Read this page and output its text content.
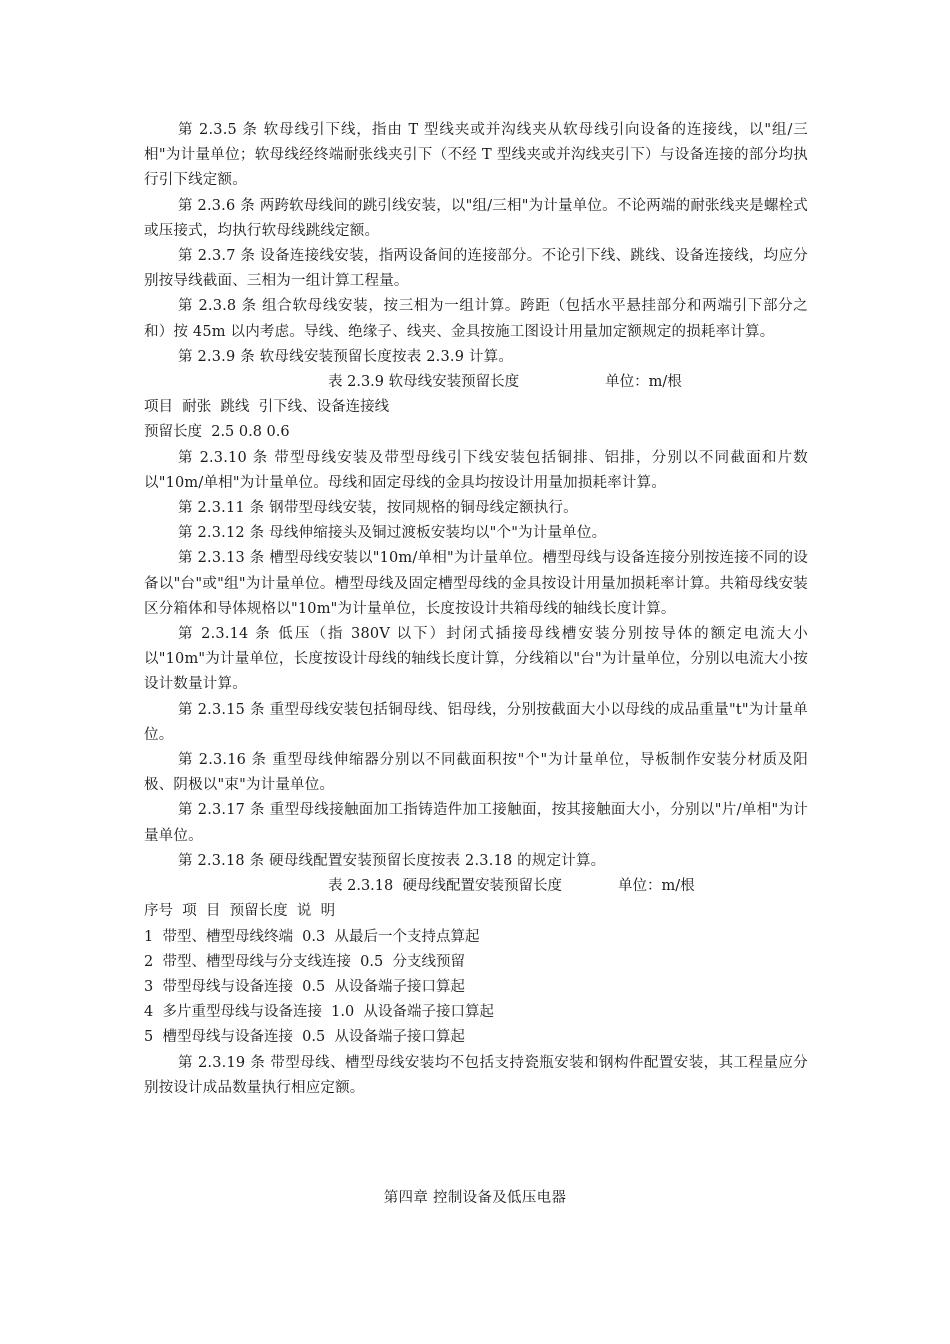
第 2.3.5 条 软母线引下线，指由 T 型线夹或并沟线夹从软母线引向设备的连接线，以"组/三相"为计量单位；软母线经终端耐张线夹引下（不经 T 型线夹或并沟线夹引下）与设备连接的部分均执行引下线定额。

第 2.3.6 条 两跨软母线间的跳引线安装，以"组/三相"为计量单位。不论两端的耐张线夹是螺栓式或压接式，均执行软母线跳线定额。

第 2.3.7 条 设备连接线安装，指两设备间的连接部分。不论引下线、跳线、设备连接线，均应分别按导线截面、三相为一组计算工程量。

第 2.3.8 条 组合软母线安装，按三相为一组计算。跨距（包括水平悬挂部分和两端引下部分之和）按 45m 以内考虑。导线、绝缘子、线夹、金具按施工图设计用量加定额规定的损耗率计算。

第 2.3.9 条 软母线安装预留长度按表 2.3.9 计算。

表 2.3.9 软母线安装预留长度	单位：m/根

项目  耐张  跳线  引下线、设备连接线

预留长度  2.5 0.8 0.6

第 2.3.10 条 带型母线安装及带型母线引下线安装包括铜排、铝排，分别以不同截面和片数以"10m/单相"为计量单位。母线和固定母线的金具均按设计用量加损耗率计算。

第 2.3.11 条 钢带型母线安装，按同规格的铜母线定额执行。

第 2.3.12 条 母线伸缩接头及铜过渡板安装均以"个"为计量单位。

第 2.3.13 条 槽型母线安装以"10m/单相"为计量单位。槽型母线与设备连接分别按连接不同的设备以"台"或"组"为计量单位。槽型母线及固定槽型母线的金具按设计用量加损耗率计算。共箱母线安装区分箱体和导体规格以"10m"为计量单位，长度按设计共箱母线的轴线长度计算。

第 2.3.14 条 低压（指 380V 以下）封闭式插接母线槽安装分别按导体的额定电流大小以"10m"为计量单位，长度按设计母线的轴线长度计算，分线箱以"台"为计量单位，分别以电流大小按设计数量计算。

第 2.3.15 条 重型母线安装包括铜母线、铝母线，分别按截面大小以母线的成品重量"t"为计量单位。

第 2.3.16 条 重型母线伸缩器分别以不同截面积按"个"为计量单位，导板制作安装分材质及阳极、阴极以"束"为计量单位。

第 2.3.17 条 重型母线接触面加工指铸造件加工接触面，按其接触面大小，分别以"片/单相"为计量单位。

第 2.3.18 条 硬母线配置安装预留长度按表 2.3.18 的规定计算。

表 2.3.18  硬母线配置安装预留长度	单位：m/根

序号  项  目  预留长度  说  明

1  带型、槽型母线终端  0.3  从最后一个支持点算起

2  带型、槽型母线与分支线连接  0.5  分支线预留

3  带型母线与设备连接  0.5  从设备端子接口算起

4  多片重型母线与设备连接  1.0  从设备端子接口算起

5  槽型母线与设备连接  0.5  从设备端子接口算起

第 2.3.19 条 带型母线、槽型母线安装均不包括支持瓷瓶安装和钢构件配置安装，其工程量应分别按设计成品数量执行相应定额。

第四章 控制设备及低压电器
